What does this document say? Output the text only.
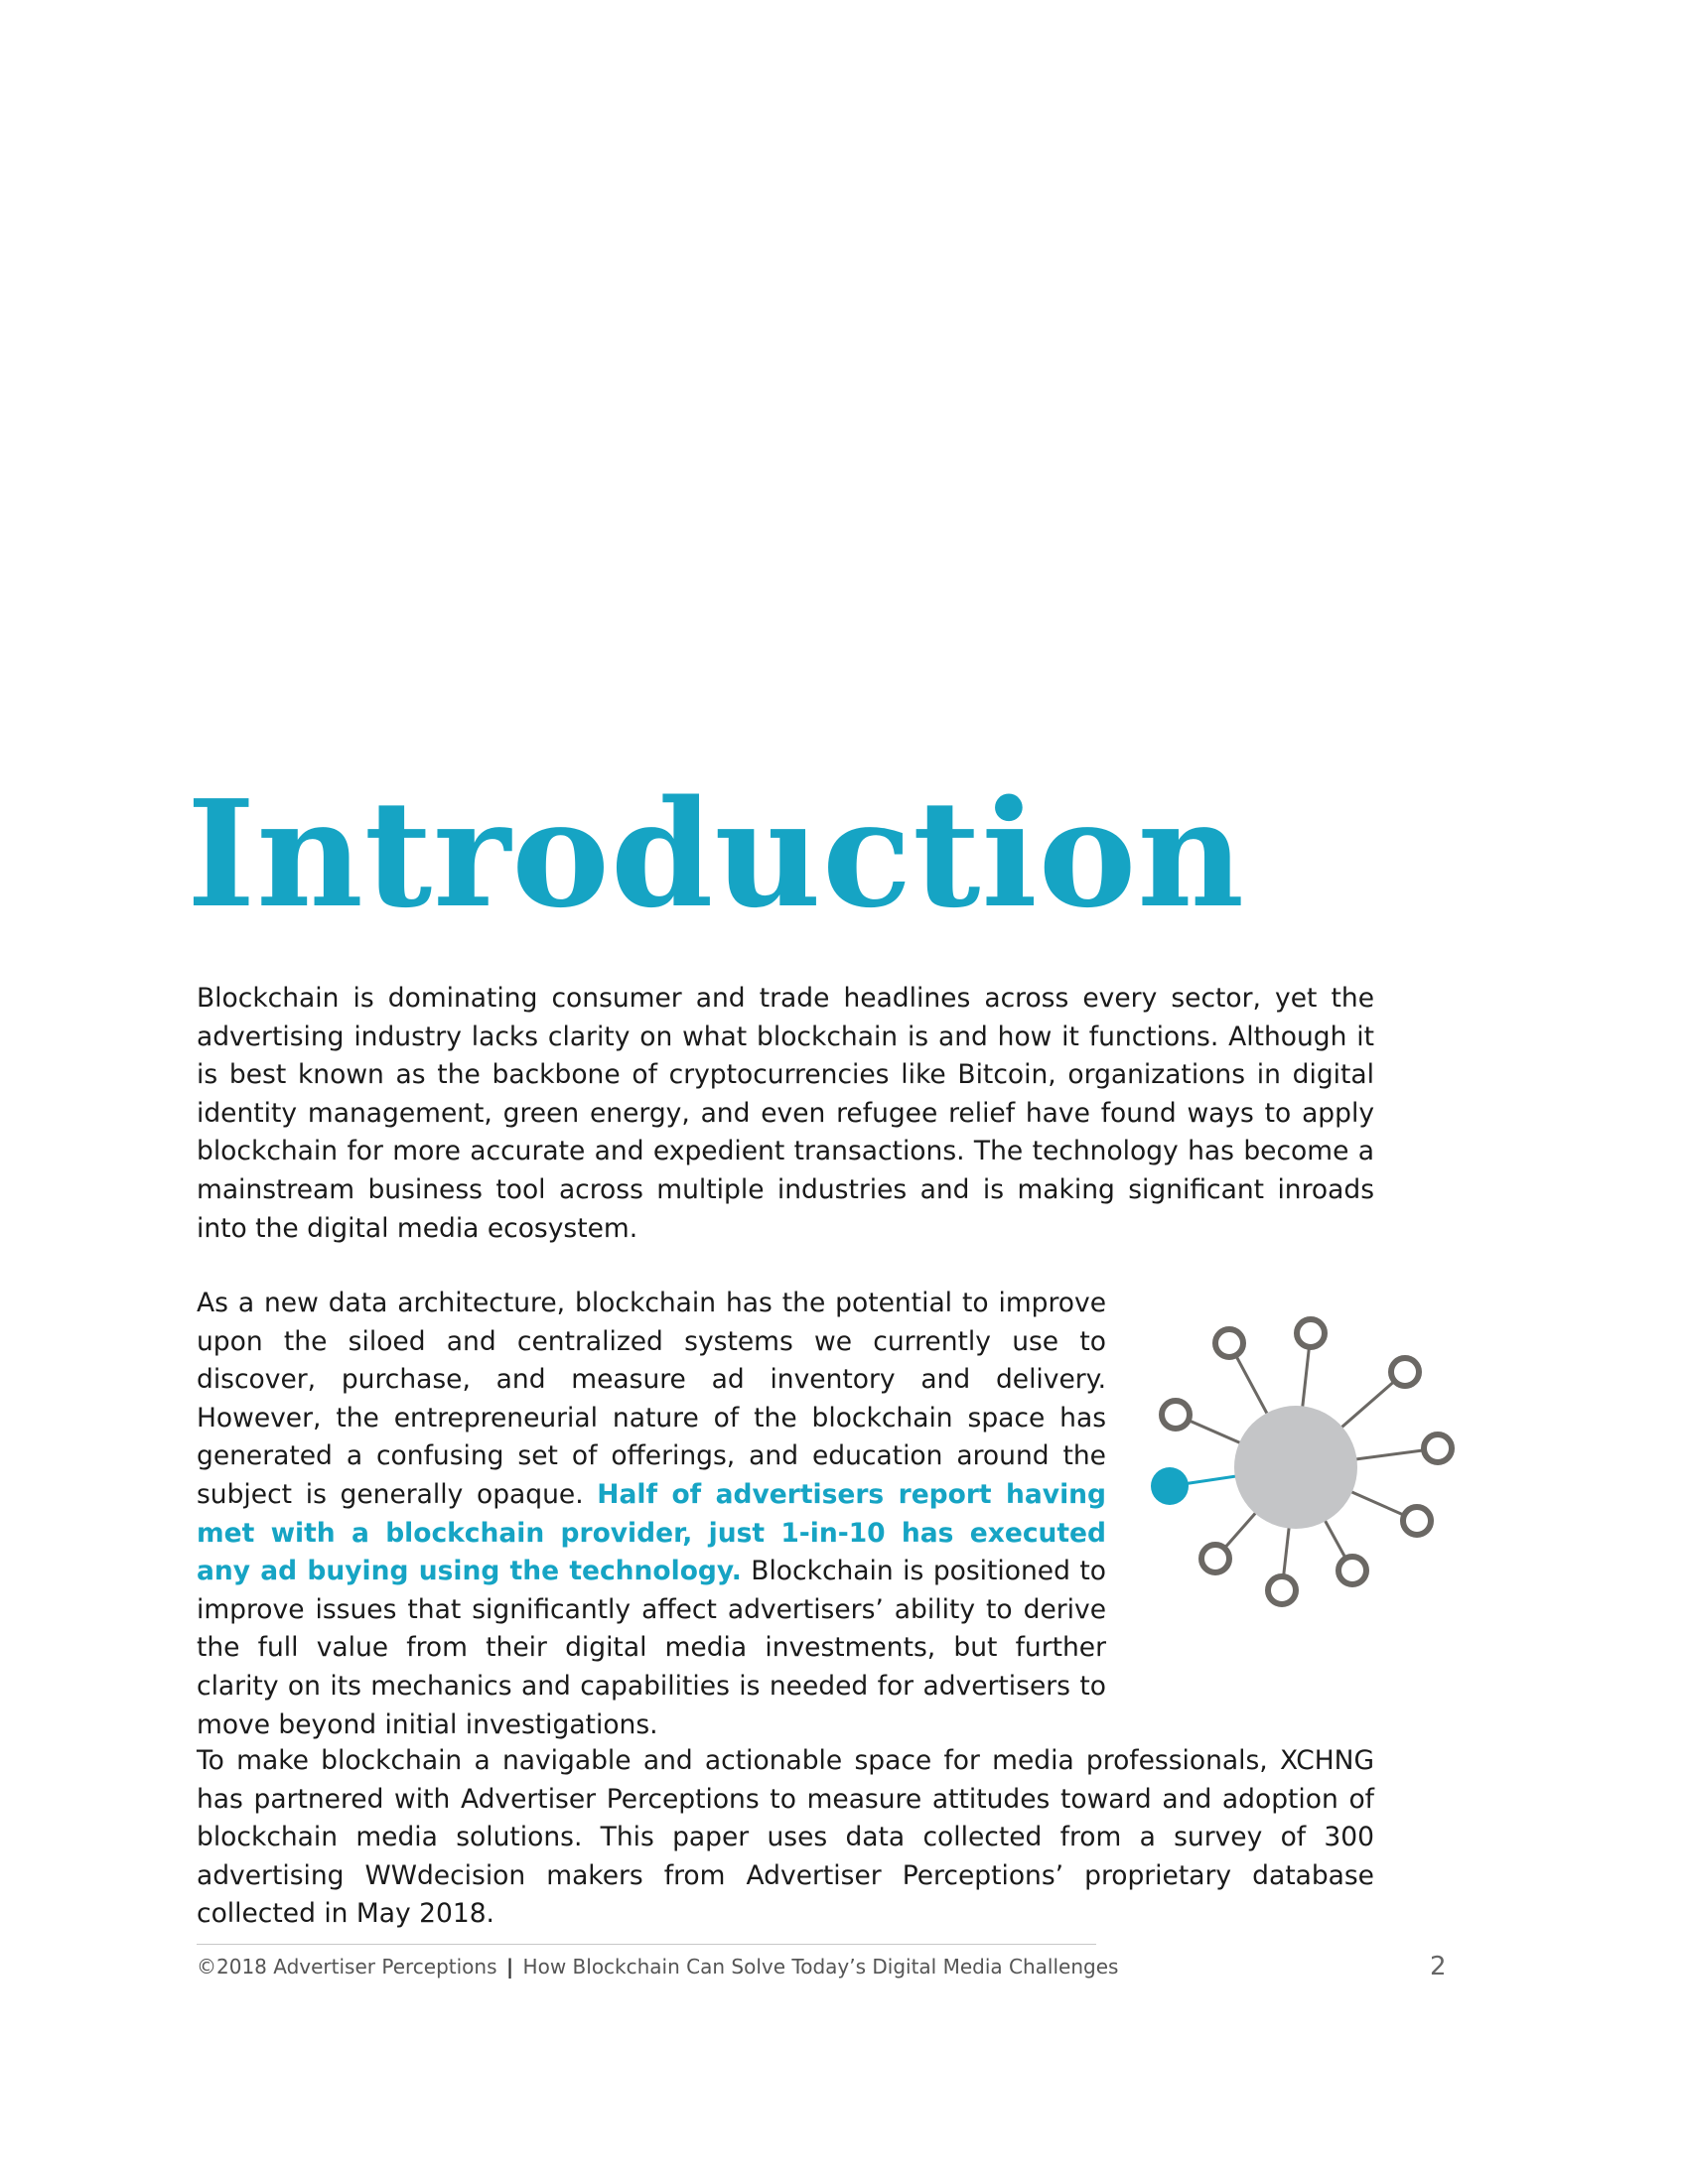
Introduction

Blockchain is dominating consumer and trade headlines across every sector, yet the advertising industry lacks clarity on what blockchain is and how it functions. Although it is best known as the backbone of cryptocurrencies like Bitcoin, organizations in digital identity management, green energy, and even refugee relief have found ways to apply blockchain for more accurate and expedient transactions. The technology has become a mainstream business tool across multiple industries and is making significant inroads into the digital media ecosystem.

As a new data architecture, blockchain has the potential to improve upon the siloed and centralized systems we currently use to discover, purchase, and measure ad inventory and delivery. However, the entrepreneurial nature of the blockchain space has generated a confusing set of offerings, and education around the subject is generally opaque. Half of advertisers report having met with a blockchain provider, just 1-in-10 has executed any ad buying using the technology. Blockchain is positioned to improve issues that significantly affect advertisers’ ability to derive the full value from their digital media investments, but further clarity on its mechanics and capabilities is needed for advertisers to move beyond initial investigations.

To make blockchain a navigable and actionable space for media professionals, XCHNG has partnered with Advertiser Perceptions to measure attitudes toward and adoption of blockchain media solutions. This paper uses data collected from a survey of 300 advertising WWdecision makers from Advertiser Perceptions’ proprietary database collected in May 2018.

©2018 Advertiser Perceptions | How Blockchain Can Solve Today’s Digital Media Challenges	2
